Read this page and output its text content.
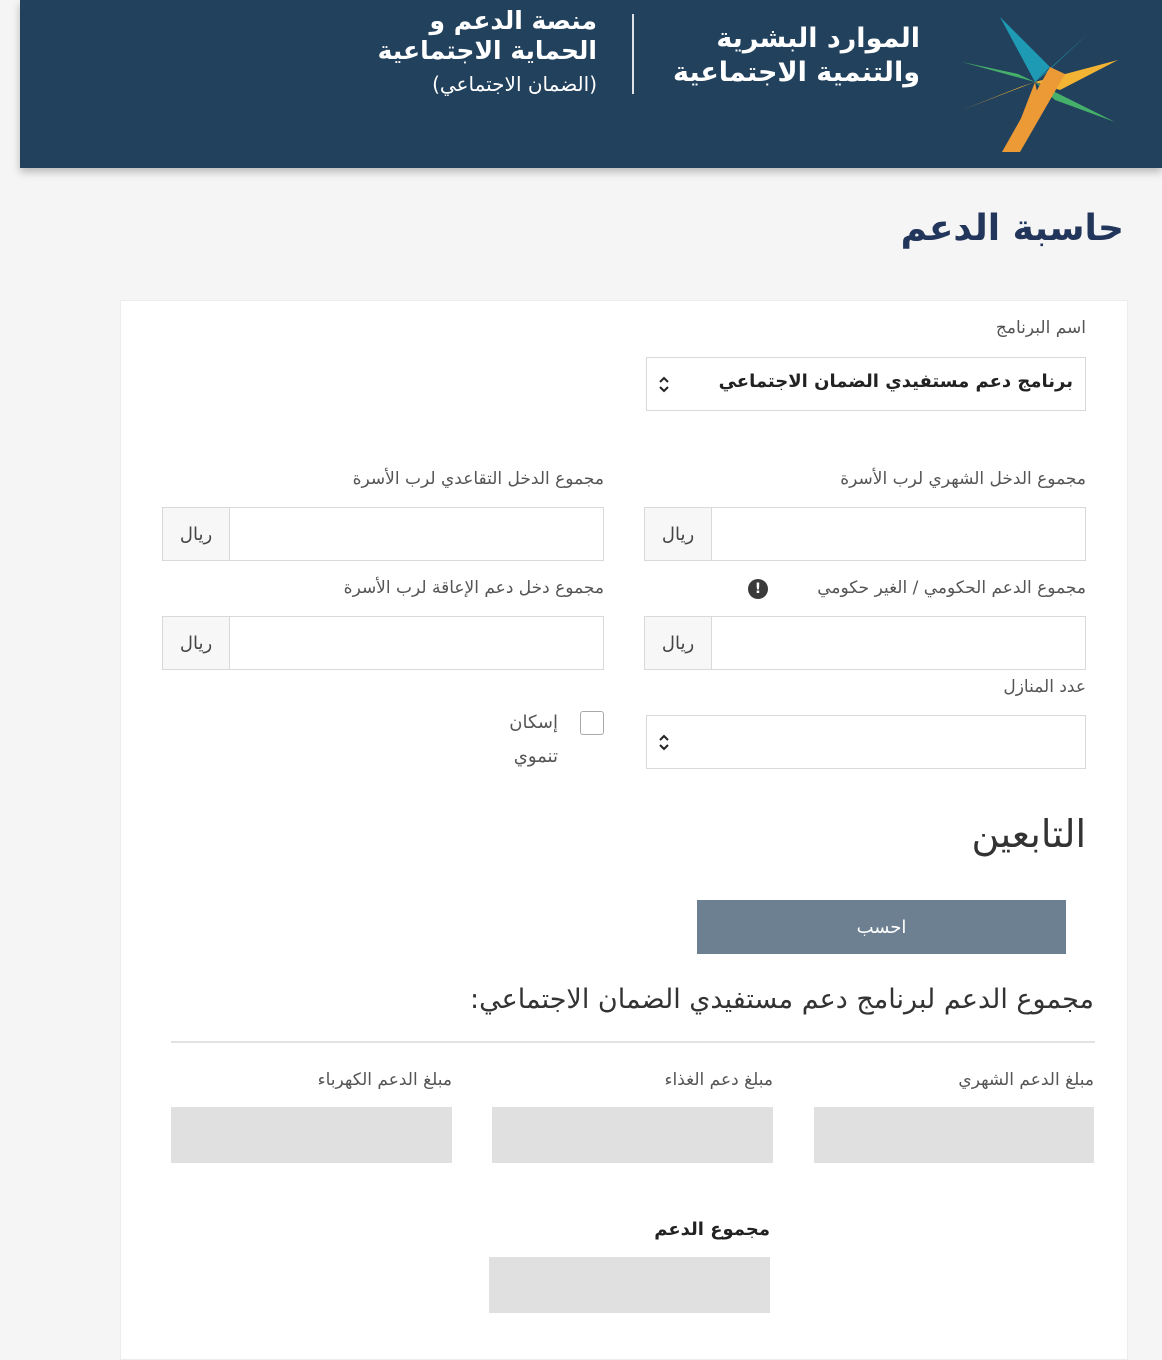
الموارد البشرية
والتنمية الاجتماعية
منصة الدعم و
الحماية الاجتماعية
(الضمان الاجتماعي)
حاسبة الدعم
اسم البرنامج
برنامج دعم مستفيدي الضمان الاجتماعي
مجموع الدخل الشهري لرب الأسرة
ريال
مجموع الدخل التقاعدي لرب الأسرة
ريال
مجموع الدعم الحكومي / الغير حكومي
!
ريال
مجموع دخل دعم الإعاقة لرب الأسرة
ريال
عدد المنازل
إسكان
تنموي
التابعين
احسب
مجموع الدعم لبرنامج دعم مستفيدي الضمان الاجتماعي:
مبلغ الدعم الشهري
مبلغ دعم الغذاء
مبلغ الدعم الكهرباء
مجموع الدعم
